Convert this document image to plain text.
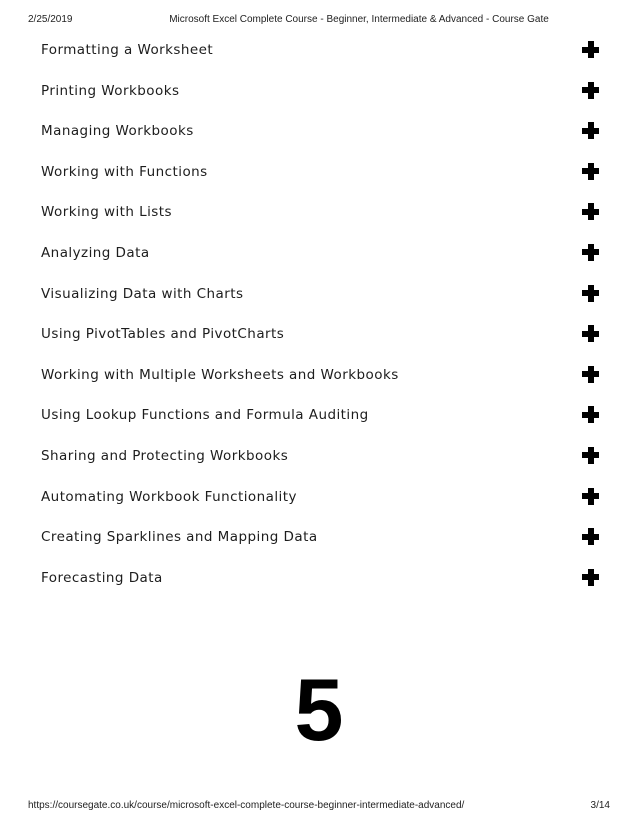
2/25/2019	Microsoft Excel Complete Course - Beginner, Intermediate & Advanced - Course Gate
Formatting a Worksheet
Printing Workbooks
Managing Workbooks
Working with Functions
Working with Lists
Analyzing Data
Visualizing Data with Charts
Using PivotTables and PivotCharts
Working with Multiple Worksheets and Workbooks
Using Lookup Functions and Formula Auditing
Sharing and Protecting Workbooks
Automating Workbook Functionality
Creating Sparklines and Mapping Data
Forecasting Data
5
https://coursegate.co.uk/course/microsoft-excel-complete-course-beginner-intermediate-advanced/	3/14
